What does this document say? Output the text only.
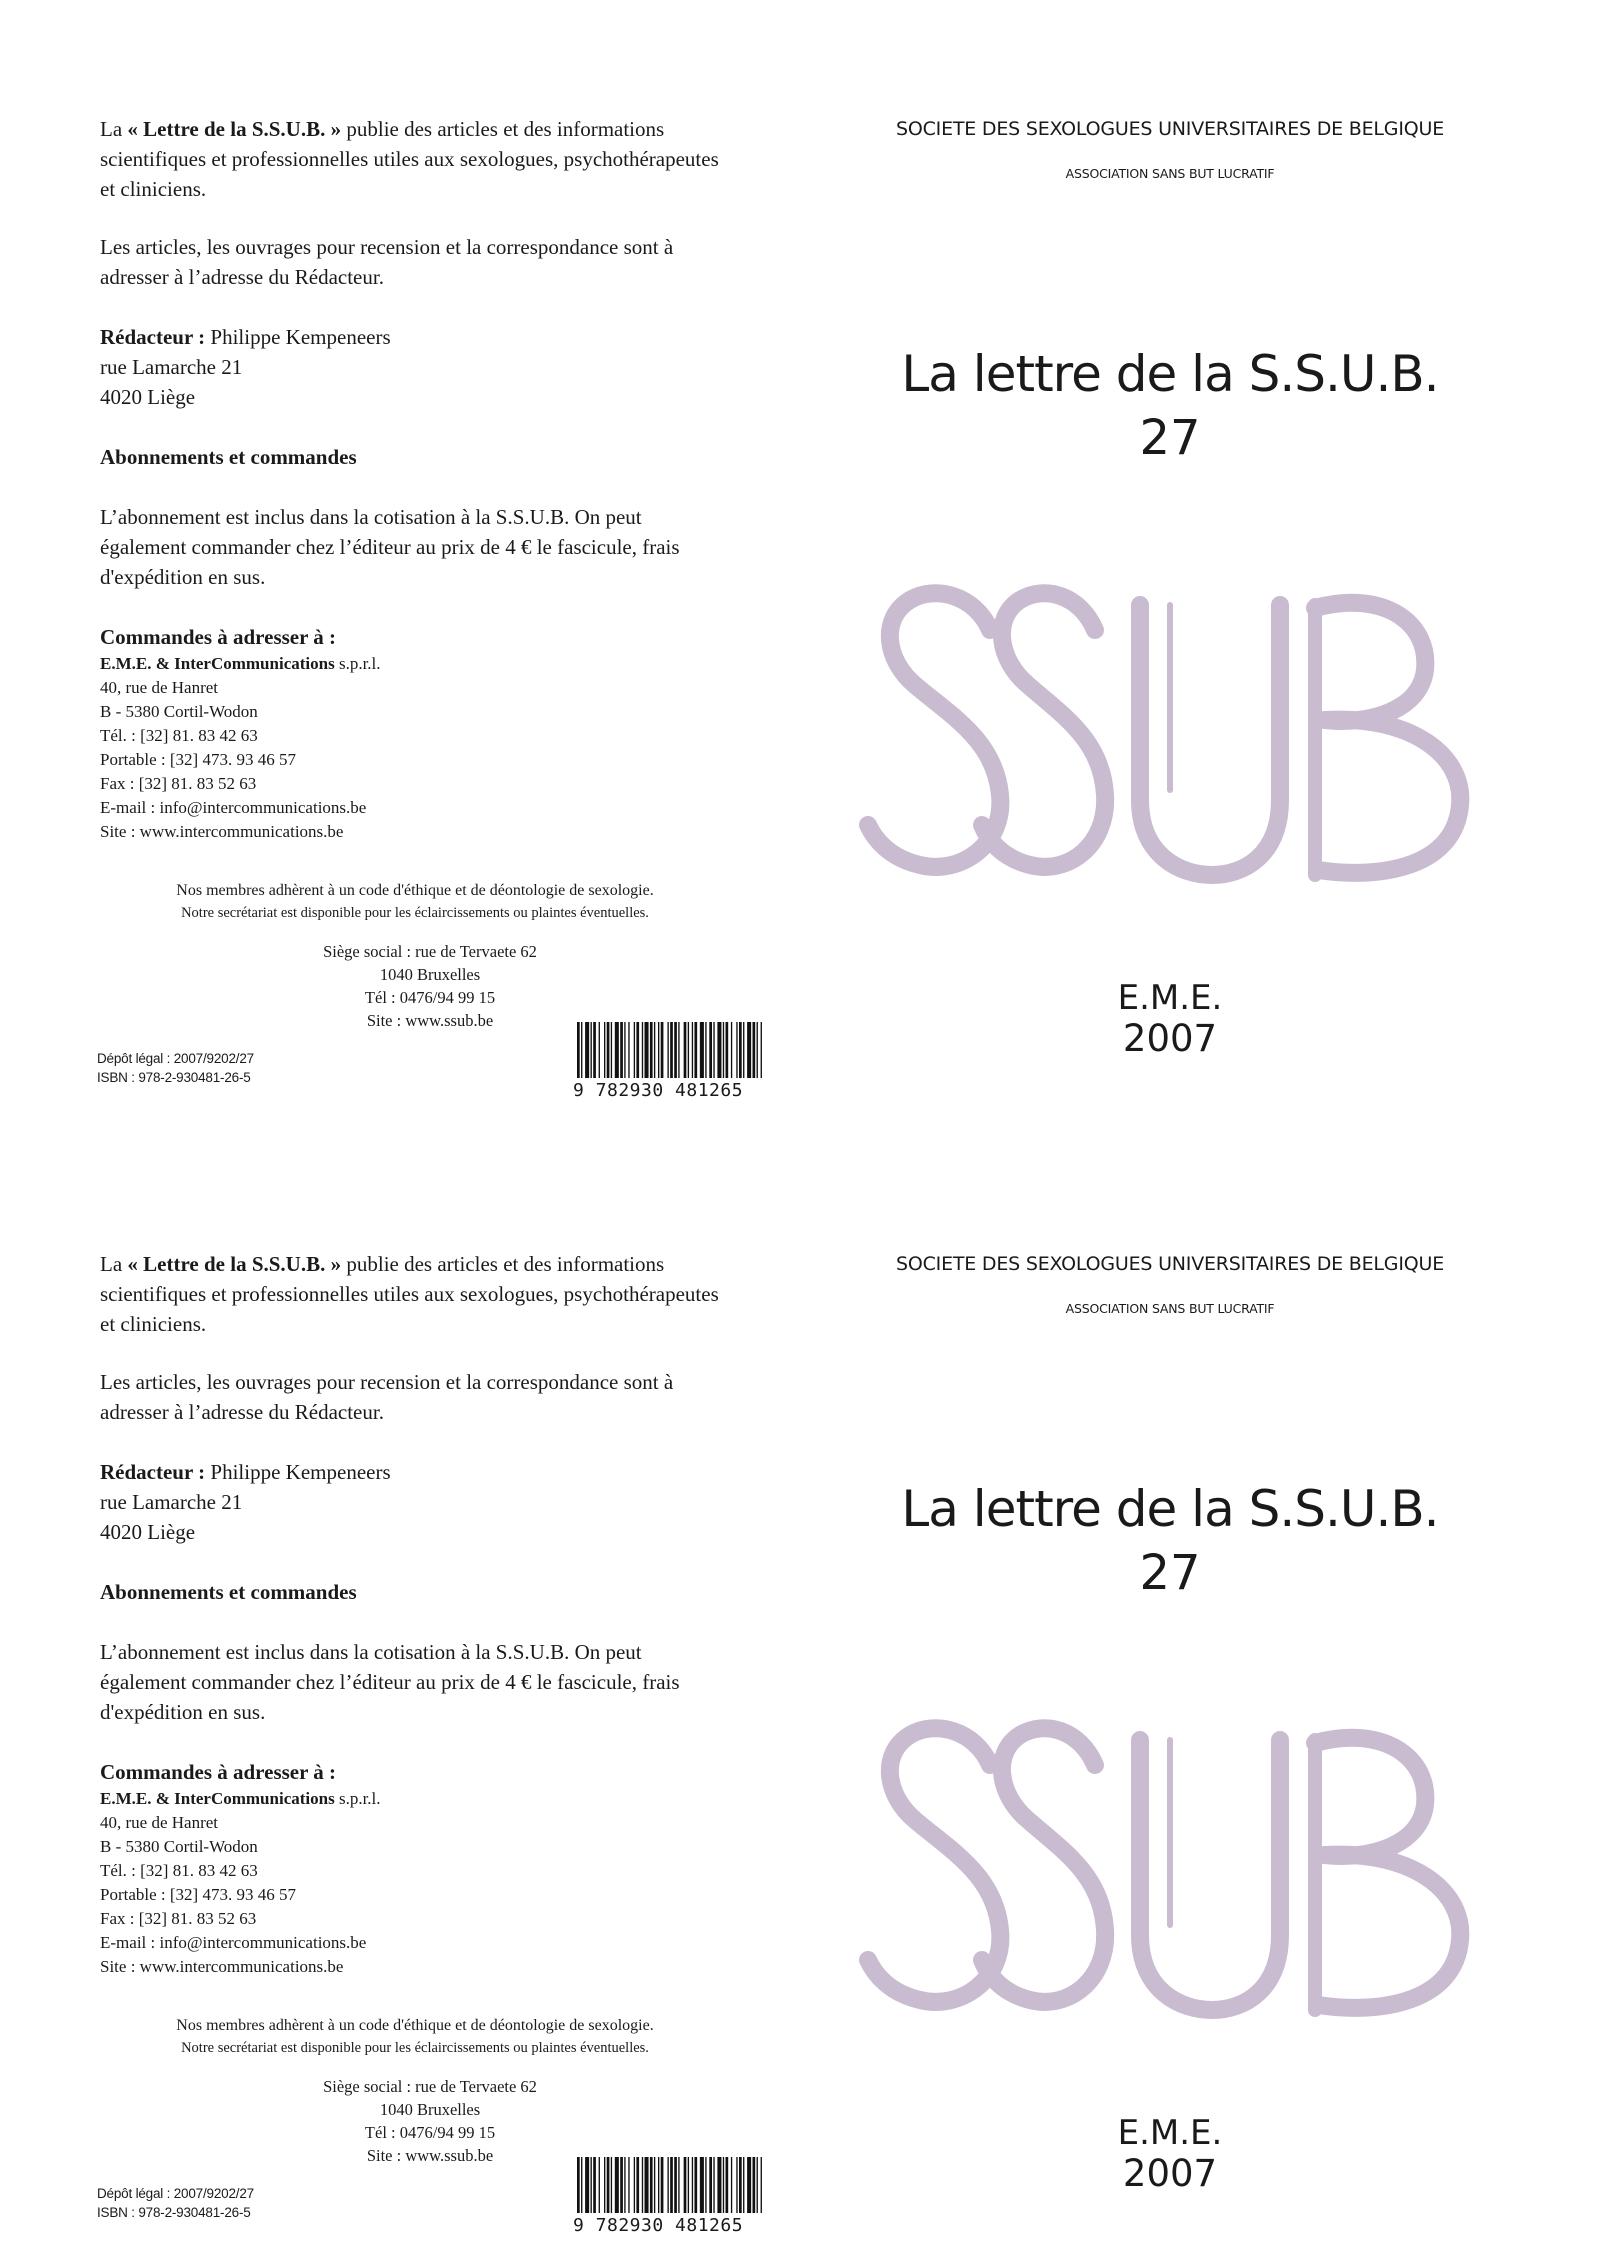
La « Lettre de la S.S.U.B. » publie des articles et des informations scientifiques et professionnelles utiles aux sexologues, psychothérapeutes et cliniciens.

Les articles, les ouvrages pour recension et la correspondance sont à adresser à l’adresse du Rédacteur.

Rédacteur : Philippe Kempeneers
rue Lamarche 21
4020 Liège

Abonnements et commandes

L’abonnement est inclus dans la cotisation à la S.S.U.B. On peut également commander chez l’éditeur au prix de 4 € le fascicule, frais d'expédition en sus.

Commandes à adresser à :

E.M.E. & InterCommunications s.p.r.l.
40, rue de Hanret
B - 5380 Cortil-Wodon
Tél. : [32] 81. 83 42 63
Portable : [32] 473. 93 46 57
Fax : [32] 81. 83 52 63
E-mail : info@intercommunications.be
Site : www.intercommunications.be
Nos membres adhèrent à un code d'éthique et de déontologie de sexologie.
Notre secrétariat est disponible pour les éclaircissements ou plaintes éventuelles.
Siège social : rue de Tervaete 62
1040 Bruxelles
Tél : 0476/94 99 15
Site : www.ssub.be
Dépôt légal : 2007/9202/27
ISBN : 978-2-930481-26-5
9 782930 481265
SOCIETE DES SEXOLOGUES UNIVERSITAIRES DE BELGIQUE
ASSOCIATION SANS BUT LUCRATIF
La lettre de la S.S.U.B.
27
E.M.E.
2007

La « Lettre de la S.S.U.B. » publie des articles et des informations scientifiques et professionnelles utiles aux sexologues, psychothérapeutes et cliniciens.

Les articles, les ouvrages pour recension et la correspondance sont à adresser à l’adresse du Rédacteur.

Rédacteur : Philippe Kempeneers
rue Lamarche 21
4020 Liège

Abonnements et commandes

L’abonnement est inclus dans la cotisation à la S.S.U.B. On peut également commander chez l’éditeur au prix de 4 € le fascicule, frais d'expédition en sus.

Commandes à adresser à :

E.M.E. & InterCommunications s.p.r.l.
40, rue de Hanret
B - 5380 Cortil-Wodon
Tél. : [32] 81. 83 42 63
Portable : [32] 473. 93 46 57
Fax : [32] 81. 83 52 63
E-mail : info@intercommunications.be
Site : www.intercommunications.be
Nos membres adhèrent à un code d'éthique et de déontologie de sexologie.
Notre secrétariat est disponible pour les éclaircissements ou plaintes éventuelles.
Siège social : rue de Tervaete 62
1040 Bruxelles
Tél : 0476/94 99 15
Site : www.ssub.be
Dépôt légal : 2007/9202/27
ISBN : 978-2-930481-26-5
9 782930 481265
SOCIETE DES SEXOLOGUES UNIVERSITAIRES DE BELGIQUE
ASSOCIATION SANS BUT LUCRATIF
La lettre de la S.S.U.B.
27
E.M.E.
2007
